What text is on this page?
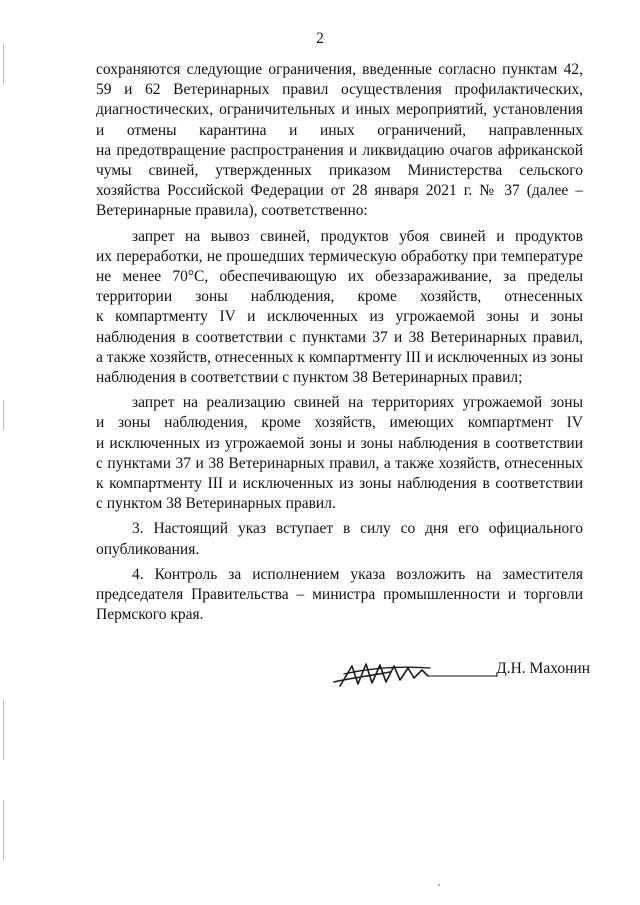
2
сохраняются следующие ограничения, введенные согласно пунктам 42,
59 и 62 Ветеринарных правил осуществления профилактических,
диагностических, ограничительных и иных мероприятий, установления
и отмены карантина и иных ограничений, направленных
на предотвращение распространения и ликвидацию очагов африканской
чумы свиней, утвержденных приказом Министерства сельского
хозяйства Российской Федерации от 28 января 2021 г. № 37 (далее –
Ветеринарные правила), соответственно:
запрет на вывоз свиней, продуктов убоя свиней и продуктов
их переработки, не прошедших термическую обработку при температуре
не менее 70°С, обеспечивающую их обеззараживание, за пределы
территории зоны наблюдения, кроме хозяйств, отнесенных
к компартменту IV и исключенных из угрожаемой зоны и зоны
наблюдения в соответствии с пунктами 37 и 38 Ветеринарных правил,
а также хозяйств, отнесенных к компартменту III и исключенных из зоны
наблюдения в соответствии с пунктом 38 Ветеринарных правил;
запрет на реализацию свиней на территориях угрожаемой зоны
и зоны наблюдения, кроме хозяйств, имеющих компартмент IV
и исключенных из угрожаемой зоны и зоны наблюдения в соответствии
с пунктами 37 и 38 Ветеринарных правил, а также хозяйств, отнесенных
к компартменту III и исключенных из зоны наблюдения в соответствии
с пунктом 38 Ветеринарных правил.
3. Настоящий указ вступает в силу со дня его официального
опубликования.
4. Контроль за исполнением указа возложить на заместителя
председателя Правительства – министра промышленности и торговли
Пермского края.
Д.Н. Махонин
